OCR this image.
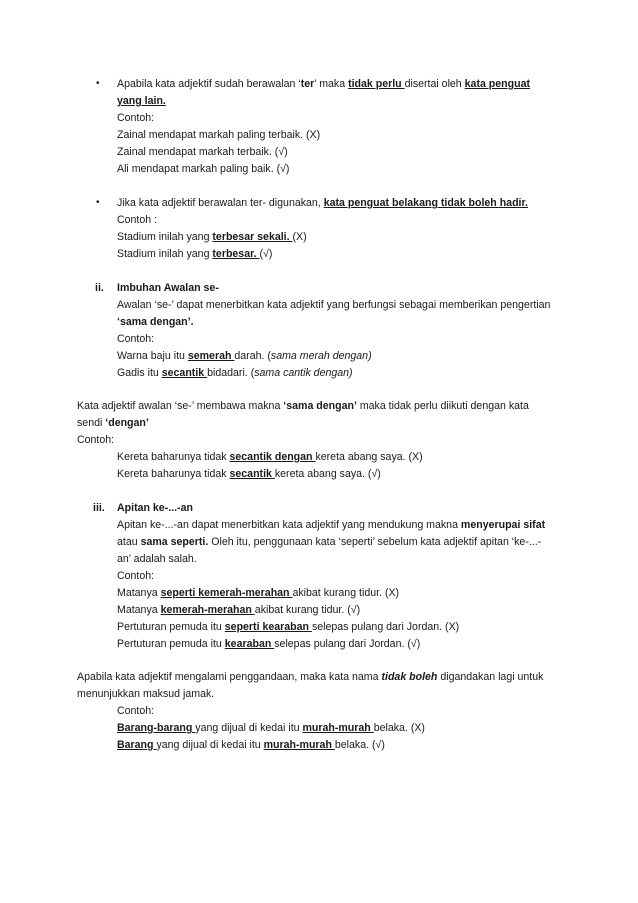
• Apabila kata adjektif sudah berawalan ‘ter’ maka tidak perlu disertai oleh kata penguat
yang lain.
Contoh:
Zainal mendapat markah paling terbaik. (X)
Zainal mendapat markah terbaik. (√)
Ali mendapat markah paling baik. (√)
• Jika kata adjektif berawalan ter- digunakan, kata penguat belakang tidak boleh hadir.
Contoh :
Stadium inilah yang terbesar sekali. (X)
Stadium inilah yang terbesar. (√)
ii. Imbuhan Awalan se-
Awalan ‘se-’ dapat menerbitkan kata adjektif yang berfungsi sebagai memberikan pengertian
‘sama dengan’.
Contoh:
Warna baju itu semerah darah. (sama merah dengan)
Gadis itu secantik bidadari. (sama cantik dengan)
Kata adjektif awalan ‘se-’ membawa makna ‘sama dengan’ maka tidak perlu diikuti dengan kata
sendi ‘dengan’
Contoh:
Kereta baharunya tidak secantik dengan kereta abang saya. (X)
Kereta baharunya tidak secantik kereta abang saya. (√)
iii. Apitan ke-...-an
Apitan ke-...-an dapat menerbitkan kata adjektif yang mendukung makna menyerupai sifat
atau sama seperti. Oleh itu, penggunaan kata ‘seperti’ sebelum kata adjektif apitan ‘ke-...-
an’ adalah salah.
Contoh:
Matanya seperti kemerah-merahan akibat kurang tidur. (X)
Matanya kemerah-merahan akibat kurang tidur. (√)
Pertuturan pemuda itu seperti kearaban selepas pulang dari Jordan. (X)
Pertuturan pemuda itu kearaban selepas pulang dari Jordan. (√)
Apabila kata adjektif mengalami penggandaan, maka kata nama tidak boleh digandakan lagi untuk
menunjukkan maksud jamak.
Contoh:
Barang-barang yang dijual di kedai itu murah-murah belaka. (X)
Barang yang dijual di kedai itu murah-murah belaka. (√)
